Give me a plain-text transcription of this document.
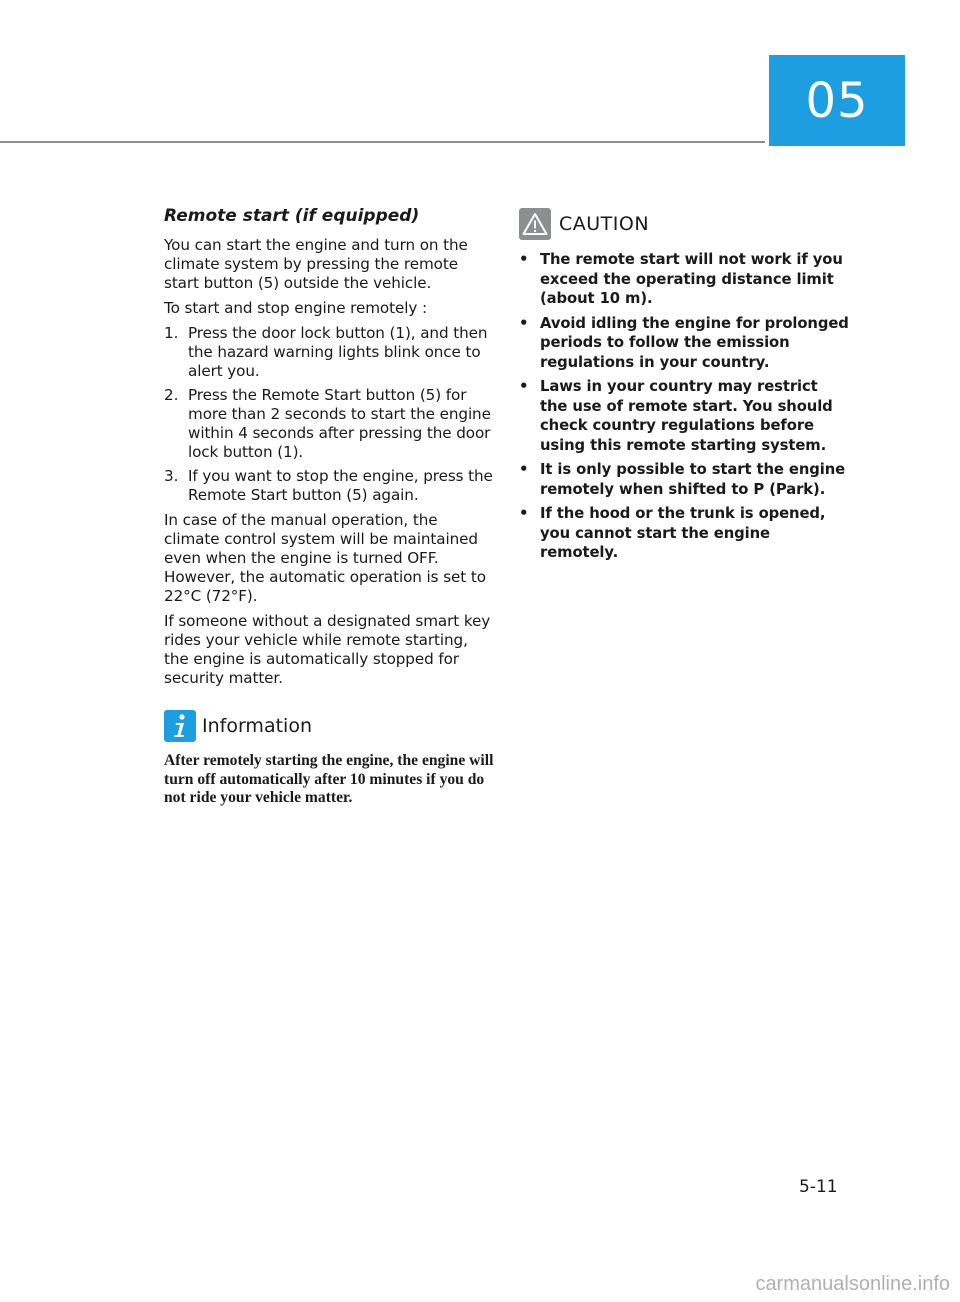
05
Remote start (if equipped)

You can start the engine and turn on the climate system by pressing the remote start button (5) outside the vehicle.

To start and stop engine remotely :

1. Press the door lock button (1), and then the hazard warning lights blink once to alert you.
2. Press the Remote Start button (5) for more than 2 seconds to start the engine within 4 seconds after pressing the door lock button (1).
3. If you want to stop the engine, press the Remote Start button (5) again.

In case of the manual operation, the climate control system will be maintained even when the engine is turned OFF. However, the automatic operation is set to 22°C (72°F).

If someone without a designated smart key rides your vehicle while remote starting, the engine is automatically stopped for security matter.

Information

After remotely starting the engine, the engine will turn off automatically after 10 minutes if you do not ride your vehicle matter.

CAUTION
• The remote start will not work if you exceed the operating distance limit (about 10 m).
• Avoid idling the engine for prolonged periods to follow the emission regulations in your country.
• Laws in your country may restrict the use of remote start. You should check country regulations before using this remote starting system.
• It is only possible to start the engine remotely when shifted to P (Park).
• If the hood or the trunk is opened, you cannot start the engine remotely.
5-11
carmanualsonline.info
